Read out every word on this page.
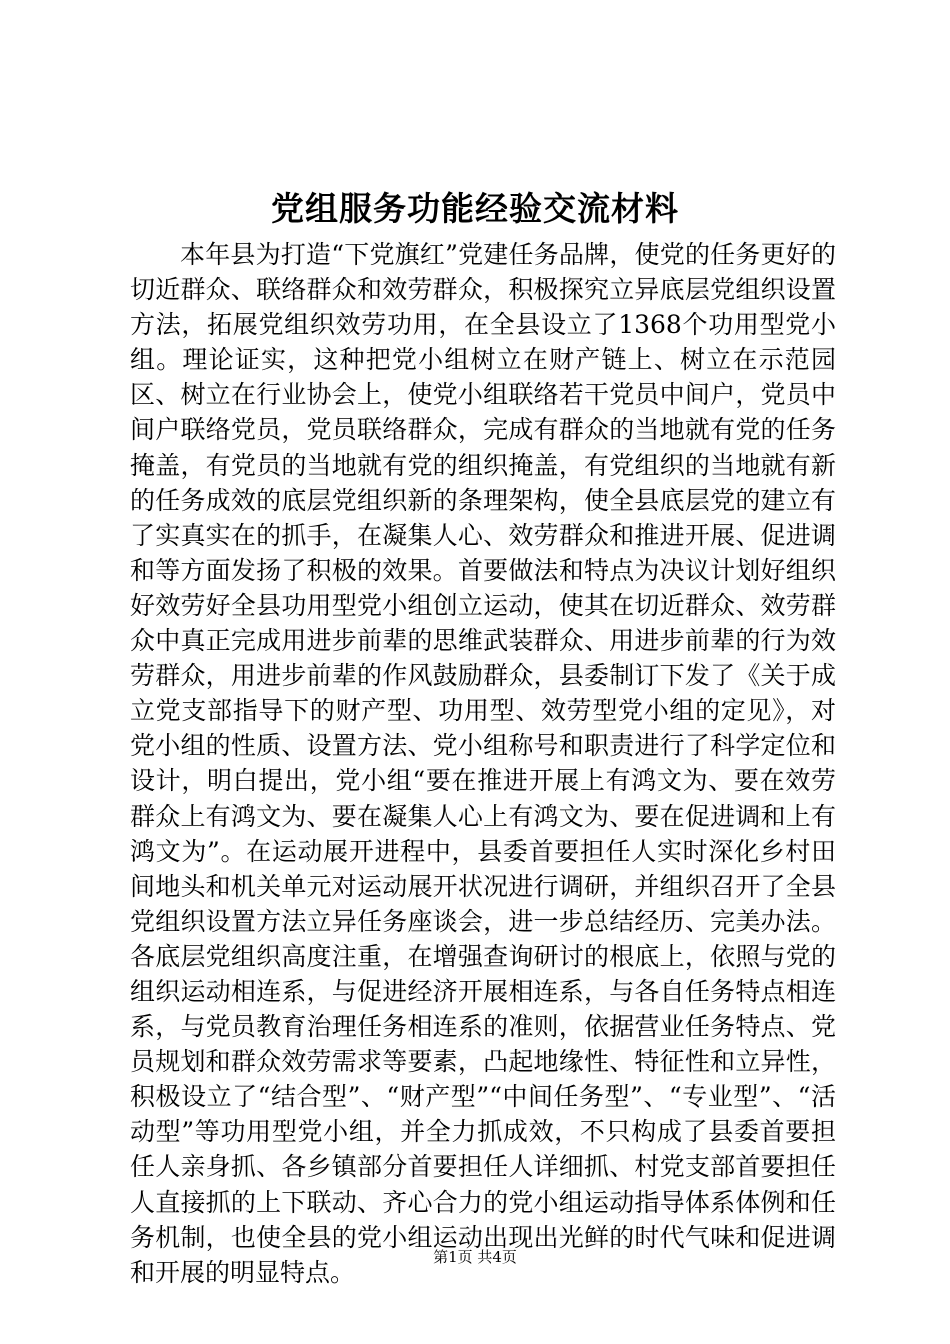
党组服务功能经验交流材料

本年县为打造“下党旗红”党建任务品牌，使党的任务更好的切近群众、联络群众和效劳群众，积极探究立异底层党组织设置方法，拓展党组织效劳功用，在全县设立了1368个功用型党小组。理论证实，这种把党小组树立在财产链上、树立在示范园区、树立在行业协会上，使党小组联络若干党员中间户，党员中间户联络党员，党员联络群众，完成有群众的当地就有党的任务掩盖，有党员的当地就有党的组织掩盖，有党组织的当地就有新的任务成效的底层党组织新的条理架构，使全县底层党的建立有了实真实在的抓手，在凝集人心、效劳群众和推进开展、促进调和等方面发扬了积极的效果。首要做法和特点为决议计划好组织好效劳好全县功用型党小组创立运动，使其在切近群众、效劳群众中真正完成用进步前辈的思维武装群众、用进步前辈的行为效劳群众，用进步前辈的作风鼓励群众，县委制订下发了《关于成立党支部指导下的财产型、功用型、效劳型党小组的定见》，对党小组的性质、设置方法、党小组称号和职责进行了科学定位和设计，明白提出，党小组“要在推进开展上有鸿文为、要在效劳群众上有鸿文为、要在凝集人心上有鸿文为、要在促进调和上有鸿文为”。在运动展开进程中，县委首要担任人实时深化乡村田间地头和机关单元对运动展开状况进行调研，并组织召开了全县党组织设置方法立异任务座谈会，进一步总结经历、完美办法。各底层党组织高度注重，在增强查询研讨的根底上，依照与党的组织运动相连系，与促进经济开展相连系，与各自任务特点相连系，与党员教育治理任务相连系的准则，依据营业任务特点、党员规划和群众效劳需求等要素，凸起地缘性、特征性和立异性，积极设立了“结合型”、“财产型”“中间任务型”、“专业型”、“活动型”等功用型党小组，并全力抓成效，不只构成了县委首要担任人亲身抓、各乡镇部分首要担任人详细抓、村党支部首要担任人直接抓的上下联动、齐心合力的党小组运动指导体系体例和任务机制，也使全县的党小组运动出现出光鲜的时代气味和促进调和开展的明显特点。

第1页 共4页
